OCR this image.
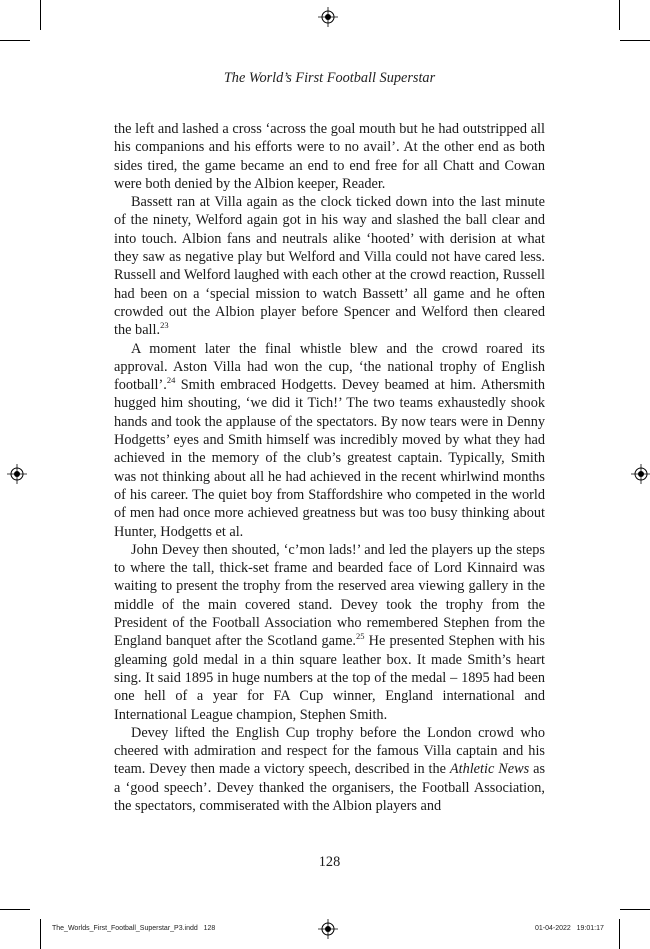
The World’s First Football Superstar

the left and lashed a cross ‘across the goal mouth but he had outstripped all his companions and his efforts were to no avail’. At the other end as both sides tired, the game became an end to end free for all Chatt and Cowan were both denied by the Albion keeper, Reader.

Bassett ran at Villa again as the clock ticked down into the last minute of the ninety, Welford again got in his way and slashed the ball clear and into touch. Albion fans and neutrals alike ‘hooted’ with derision at what they saw as negative play but Welford and Villa could not have cared less. Russell and Welford laughed with each other at the crowd reaction, Russell had been on a ‘special mission to watch Bassett’ all game and he often crowded out the Albion player before Spencer and Welford then cleared the ball.$^{23}$

A moment later the final whistle blew and the crowd roared its approval. Aston Villa had won the cup, ‘the national trophy of English football’.$^{24}$ Smith embraced Hodgetts. Devey beamed at him. Athersmith hugged him shouting, ‘we did it Tich!’ The two teams exhaustedly shook hands and took the applause of the spectators. By now tears were in Denny Hodgetts’ eyes and Smith himself was incredibly moved by what they had achieved in the memory of the club’s greatest captain. Typically, Smith was not thinking about all he had achieved in the recent whirlwind months of his career. The quiet boy from Staffordshire who competed in the world of men had once more achieved greatness but was too busy thinking about Hunter, Hodgetts et al.

John Devey then shouted, ‘c’mon lads!’ and led the players up the steps to where the tall, thick-set frame and bearded face of Lord Kinnaird was waiting to present the trophy from the reserved area viewing gallery in the middle of the main covered stand. Devey took the trophy from the President of the Football Association who remembered Stephen from the England banquet after the Scotland game.$^{25}$ He presented Stephen with his gleaming gold medal in a thin square leather box. It made Smith’s heart sing. It said 1895 in huge numbers at the top of the medal – 1895 had been one hell of a year for FA Cup winner, England international and International League champion, Stephen Smith.

Devey lifted the English Cup trophy before the London crowd who cheered with admiration and respect for the famous Villa captain and his team. Devey then made a victory speech, described in the Athletic News as a ‘good speech’. Devey thanked the organisers, the Football Association, the spectators, commiserated with the Albion players and

128
The_Worlds_First_Football_Superstar_P3.indd   128	01-04-2022   19:01:17
